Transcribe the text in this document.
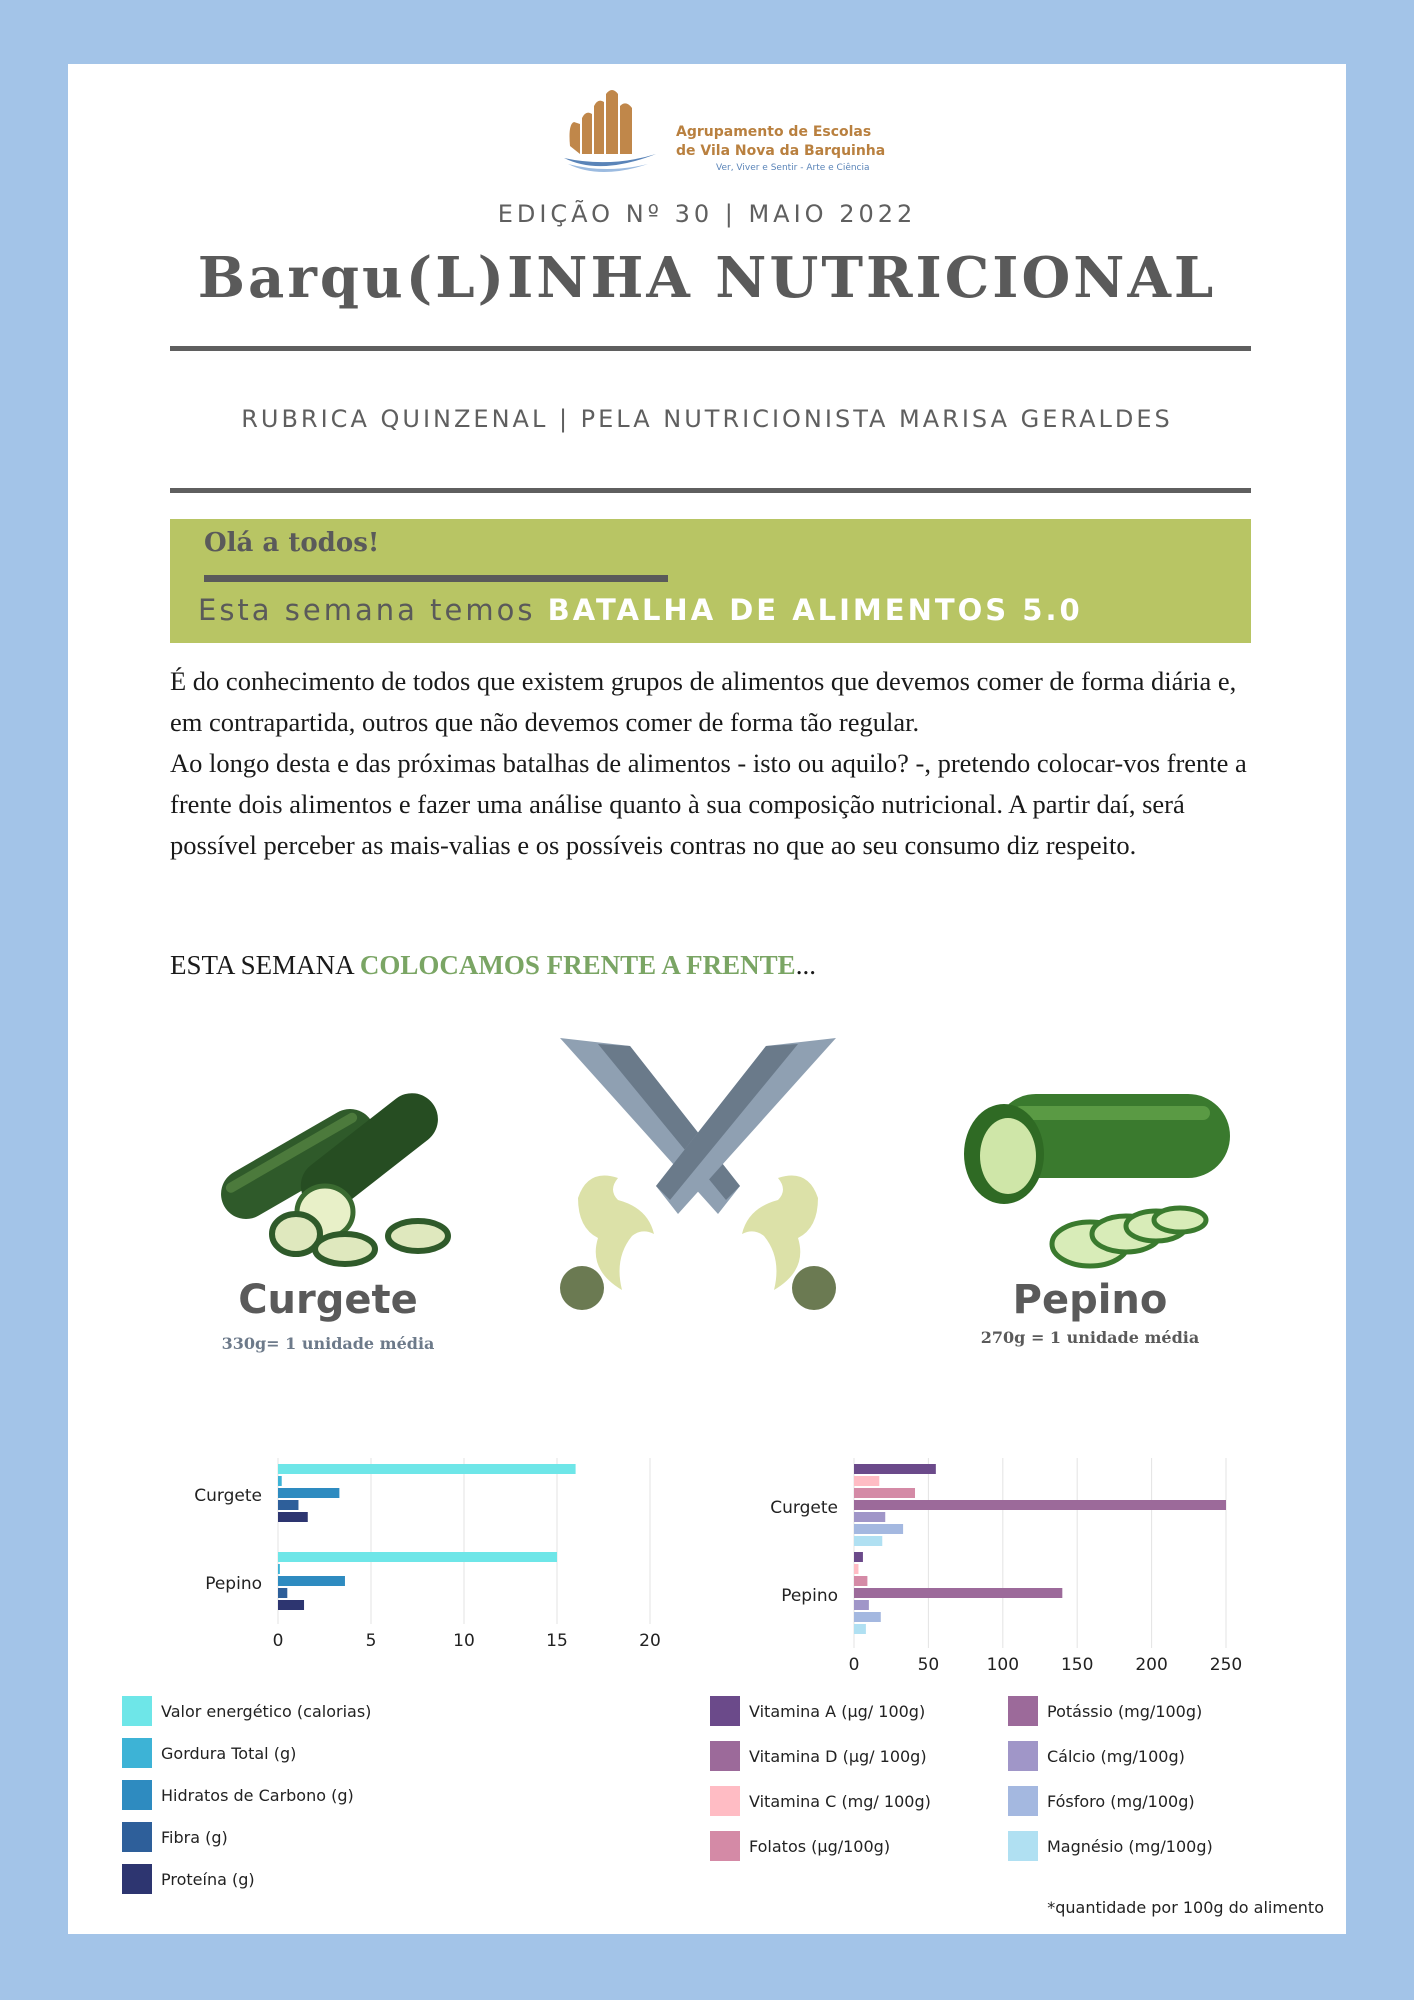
Agrupamento de Escolas
de Vila Nova da Barquinha
Ver, Viver e Sentir - Arte e Ciência
EDIÇÃO Nº 30 | MAIO 2022
Barqu(L)INHA NUTRICIONAL
RUBRICA QUINZENAL | PELA NUTRICIONISTA MARISA GERALDES
Olá a todos!
Esta semana temos BATALHA DE ALIMENTOS 5.0

É do conhecimento de todos que existem grupos de alimentos que devemos comer de forma diária e, em contrapartida, outros que não devemos comer de forma tão regular.

Ao longo desta e das próximas batalhas de alimentos - isto ou aquilo? -, pretendo colocar-vos frente a frente dois alimentos e fazer uma análise quanto à sua composição nutricional. A partir daí, será possível perceber as mais-valias e os possíveis contras no que ao seu consumo diz respeito.

ESTA SEMANA COLOCAMOS FRENTE A FRENTE...
Curgete
330g= 1 unidade média
Pepino
270g = 1 unidade média
0	5	10	15	20
Curgete
Pepino
0	50	100 150 200 250
Curgete
Pepino
Valor energético (calorias)
Gordura Total (g)
Hidratos de Carbono (g)
Fibra (g)
Proteína (g)
Vitamina A (µg/ 100g)
Vitamina D (µg/ 100g)
Vitamina C (mg/ 100g)
Folatos (µg/100g)
Potássio (mg/100g)
Cálcio (mg/100g)
Fósforo (mg/100g)
Magnésio (mg/100g)
*quantidade por 100g do alimento
